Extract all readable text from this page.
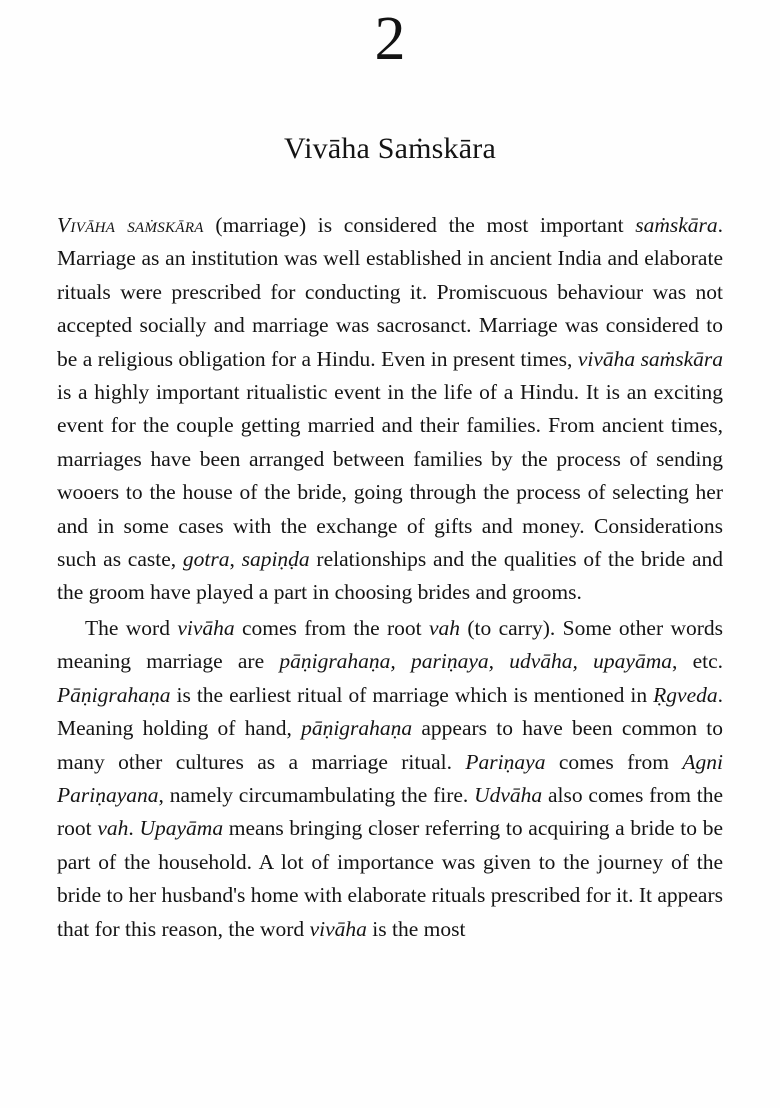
2
Vivāha Saṁskāra

Vivāha saṁskāra (marriage) is considered the most important saṁskāra. Marriage as an institution was well established in ancient India and elaborate rituals were prescribed for conducting it. Promiscuous behaviour was not accepted socially and marriage was sacrosanct. Marriage was considered to be a religious obligation for a Hindu. Even in present times, vivāha saṁskāra is a highly important ritualistic event in the life of a Hindu. It is an exciting event for the couple getting married and their families. From ancient times, marriages have been arranged between families by the process of sending wooers to the house of the bride, going through the process of selecting her and in some cases with the exchange of gifts and money. Considerations such as caste, gotra, sapiṇḍa relationships and the qualities of the bride and the groom have played a part in choosing brides and grooms.

The word vivāha comes from the root vah (to carry). Some other words meaning marriage are pāṇigrahaṇa, pariṇaya, udvāha, upayāma, etc. Pāṇigrahaṇa is the earliest ritual of marriage which is mentioned in Ṛgveda. Meaning holding of hand, pāṇigrahaṇa appears to have been common to many other cultures as a marriage ritual. Pariṇaya comes from Agni Pariṇayana, namely circumambulating the fire. Udvāha also comes from the root vah. Upayāma means bringing closer referring to acquiring a bride to be part of the household. A lot of importance was given to the journey of the bride to her husband's home with elaborate rituals prescribed for it. It appears that for this reason, the word vivāha is the most
